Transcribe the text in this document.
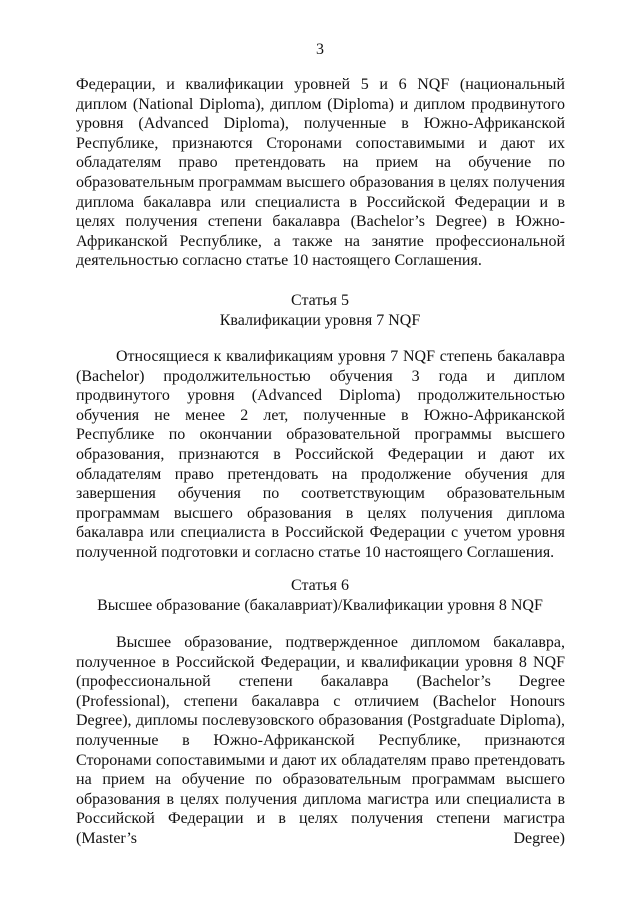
3
Федерации, и квалификации уровней 5 и 6 NQF (национальный диплом (National Diploma), диплом (Diploma) и диплом продвинутого уровня (Advanced Diploma), полученные в Южно-Африканской Республике, признаются Сторонами сопоставимыми и дают их обладателям право претендовать на прием на обучение по образовательным программам высшего образования в целях получения диплома бакалавра или специалиста в Российской Федерации и в целях получения степени бакалавра (Bachelor’s Degree) в Южно-Африканской Республике, а также на занятие профессиональной деятельностью согласно статье 10 настоящего Соглашения.
Статья 5
Квалификации уровня 7 NQF
Относящиеся к квалификациям уровня 7 NQF степень бакалавра (Bachelor) продолжительностью обучения 3 года и диплом продвинутого уровня (Advanced Diploma) продолжительностью обучения не менее 2 лет, полученные в Южно-Африканской Республике по окончании образовательной программы высшего образования, признаются в Российской Федерации и дают их обладателям право претендовать на продолжение обучения для завершения обучения по соответствующим образовательным программам высшего образования в целях получения диплома бакалавра или специалиста в Российской Федерации с учетом уровня полученной подготовки и согласно статье 10 настоящего Соглашения.
Статья 6
Высшее образование (бакалавриат)/Квалификации уровня 8 NQF
Высшее образование, подтвержденное дипломом бакалавра, полученное в Российской Федерации, и квалификации уровня 8 NQF (профессиональной степени бакалавра (Bachelor’s Degree (Professional), степени бакалавра с отличием (Bachelor Honours Degree), дипломы послевузовского образования (Postgraduate Diploma), полученные в Южно-Африканской Республике, признаются Сторонами сопоставимыми и дают их обладателям право претендовать на прием на обучение по образовательным программам высшего образования в целях получения диплома магистра или специалиста в Российской Федерации и в целях получения степени магистра (Master’s Degree)
